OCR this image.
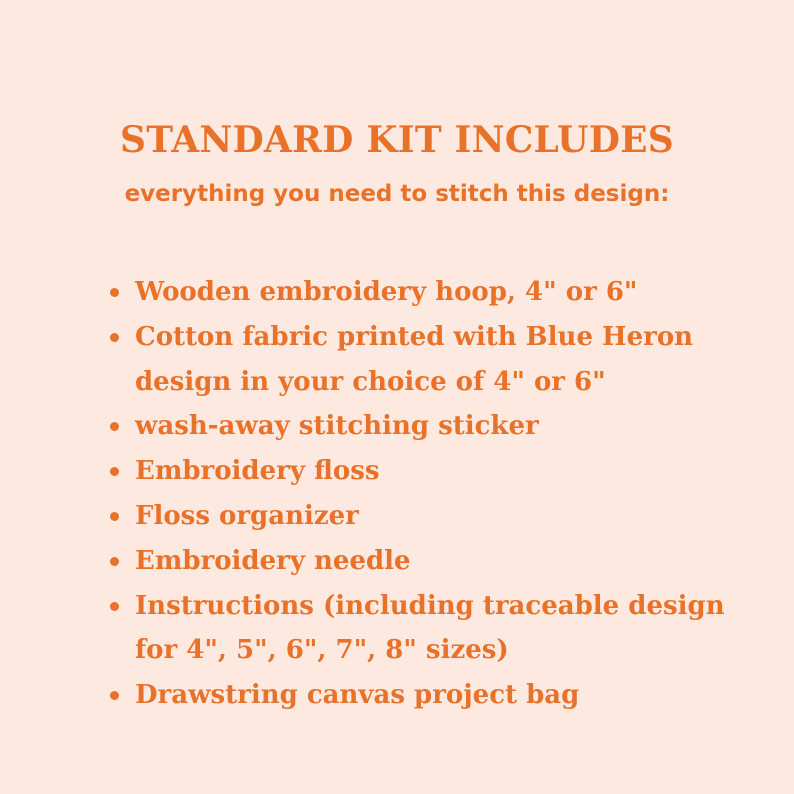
STANDARD KIT INCLUDES
everything you need to stitch this design:
Wooden embroidery hoop, 4" or 6"
Cotton fabric printed with Blue Heron
design in your choice of 4" or 6"
wash-away stitching sticker
Embroidery floss
Floss organizer
Embroidery needle
Instructions (including traceable design
for 4", 5", 6", 7", 8" sizes)
Drawstring canvas project bag
